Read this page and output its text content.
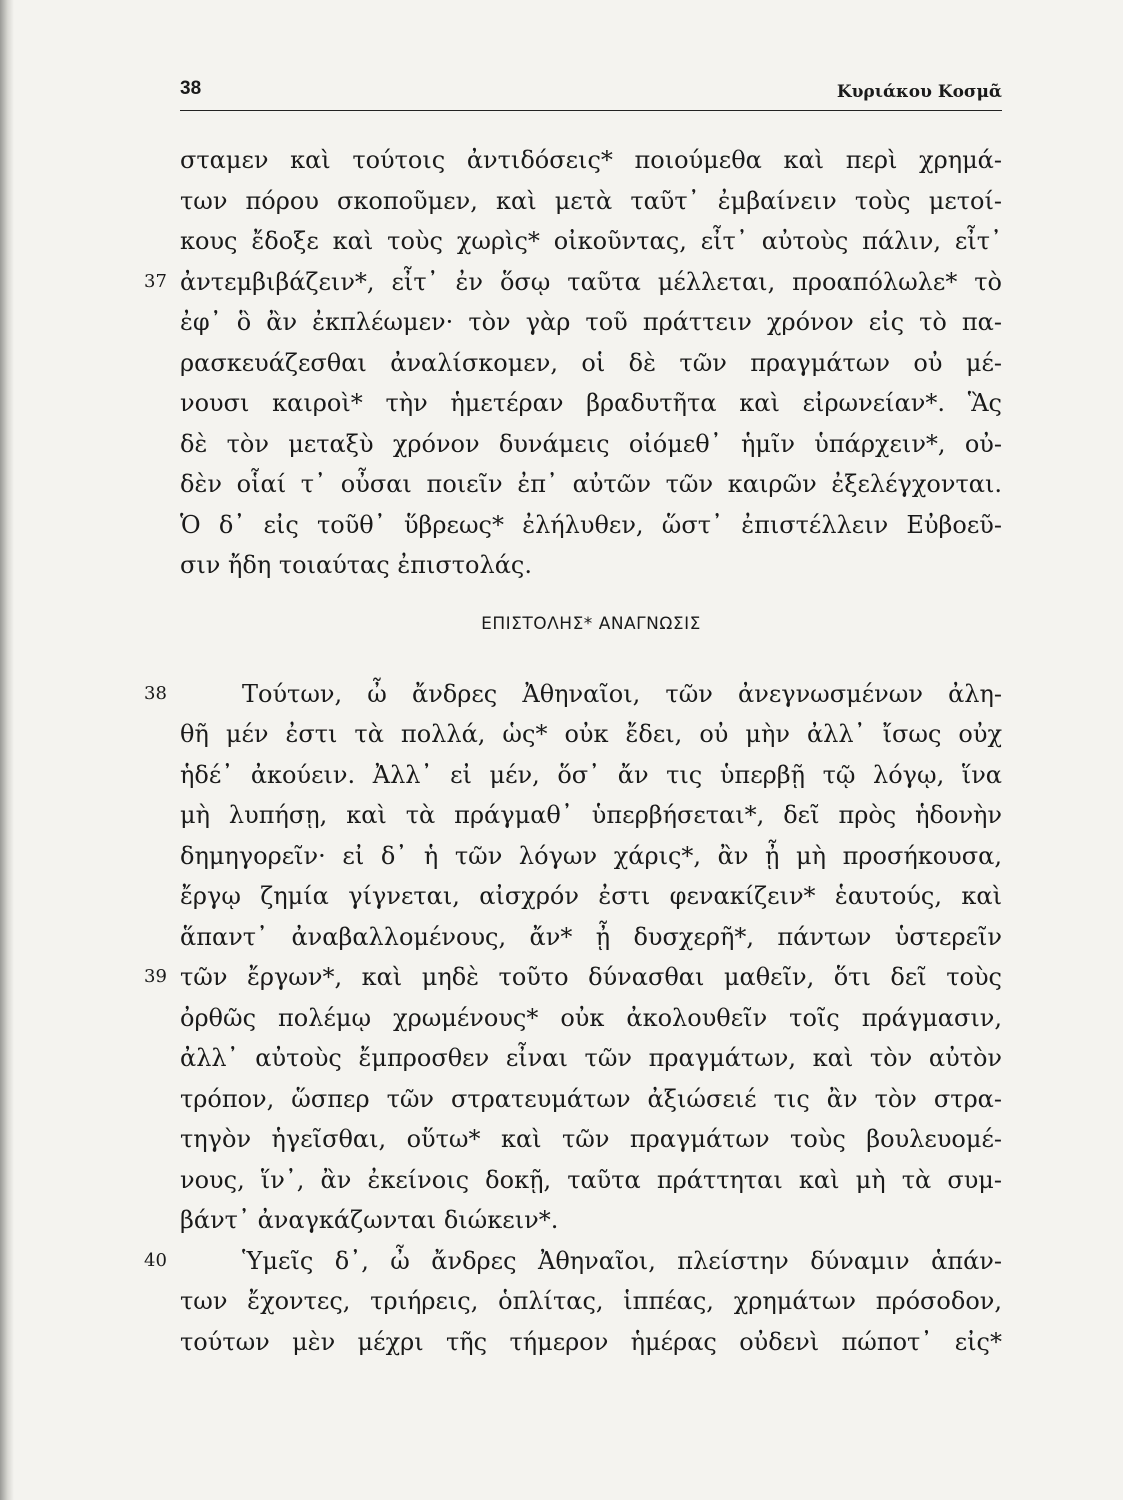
38	Κυριάκου Κοσμᾶ
σταμεν καὶ τούτοις ἀντιδόσεις* ποιούμεθα καὶ περὶ χρημά-
των πόρου σκοποῦμεν, καὶ μετὰ ταῦτ᾿ ἐμβαίνειν τοὺς μετοί-
κους ἔδοξε καὶ τοὺς χωρὶς* οἰκοῦντας, εἶτ᾿ αὐτοὺς πάλιν, εἶτ᾿
37 ἀντεμβιβάζειν*, εἶτ᾿ ἐν ὅσῳ ταῦτα μέλλεται, προαπόλωλε* τὸ
ἐφ᾿ ὃ ἂν ἐκπλέωμεν· τὸν γὰρ τοῦ πράττειν χρόνον εἰς τὸ πα-
ρασκευάζεσθαι ἀναλίσκομεν, οἱ δὲ τῶν πραγμάτων οὐ μέ-
νουσι καιροὶ* τὴν ἡμετέραν βραδυτῆτα καὶ εἰρωνείαν*. Ἃς
δὲ τὸν μεταξὺ χρόνον δυνάμεις οἰόμεθ᾿ ἡμῖν ὑπάρχειν*, οὐ-
δὲν οἷαί τ᾿ οὖσαι ποιεῖν ἐπ᾿ αὐτῶν τῶν καιρῶν ἐξελέγχονται.
Ὁ δ᾿ εἰς τοῦθ᾿ ὕβρεως* ἐλήλυθεν, ὥστ᾿ ἐπιστέλλειν Εὐβοεῦ-
σιν ἤδη τοιαύτας ἐπιστολάς.
ΕΠΙΣΤΟΛΗΣ* ΑΝΑΓΝΩΣΙΣ
38	Τούτων, ὦ ἄνδρες Ἀθηναῖοι, τῶν ἀνεγνωσμένων ἀλη-
θῆ μέν ἐστι τὰ πολλά, ὡς* οὐκ ἔδει, οὐ μὴν ἀλλ᾿ ἴσως οὐχ
ἡδέ᾿ ἀκούειν. Ἀλλ᾿ εἰ μέν, ὅσ᾿ ἄν τις ὑπερβῇ τῷ λόγῳ, ἵνα
μὴ λυπήσῃ, καὶ τὰ πράγμαθ᾿ ὑπερβήσεται*, δεῖ πρὸς ἡδονὴν
δημηγορεῖν· εἰ δ᾿ ἡ τῶν λόγων χάρις*, ἂν ᾖ μὴ προσήκουσα,
ἔργῳ ζημία γίγνεται, αἰσχρόν ἐστι φενακίζειν* ἑαυτούς, καὶ
ἅπαντ᾿ ἀναβαλλομένους, ἄν* ᾖ δυσχερῆ*, πάντων ὑστερεῖν
39 τῶν ἔργων*, καὶ μηδὲ τοῦτο δύνασθαι μαθεῖν, ὅτι δεῖ τοὺς
ὀρθῶς πολέμῳ χρωμένους* οὐκ ἀκολουθεῖν τοῖς πράγμασιν,
ἀλλ᾿ αὐτοὺς ἔμπροσθεν εἶναι τῶν πραγμάτων, καὶ τὸν αὐτὸν
τρόπον, ὥσπερ τῶν στρατευμάτων ἀξιώσειέ τις ἂν τὸν στρα-
τηγὸν ἡγεῖσθαι, οὕτω* καὶ τῶν πραγμάτων τοὺς βουλευομέ-
νους, ἵν᾿, ἂν ἐκείνοις δοκῇ, ταῦτα πράττηται καὶ μὴ τὰ συμ-
βάντ᾿ ἀναγκάζωνται διώκειν*.
40	Ὑμεῖς δ᾿, ὦ ἄνδρες Ἀθηναῖοι, πλείστην δύναμιν ἁπάν-
των ἔχοντες, τριήρεις, ὁπλίτας, ἱππέας, χρημάτων πρόσοδον,
τούτων μὲν μέχρι τῆς τήμερον ἡμέρας οὐδενὶ πώποτ᾿ εἰς*
